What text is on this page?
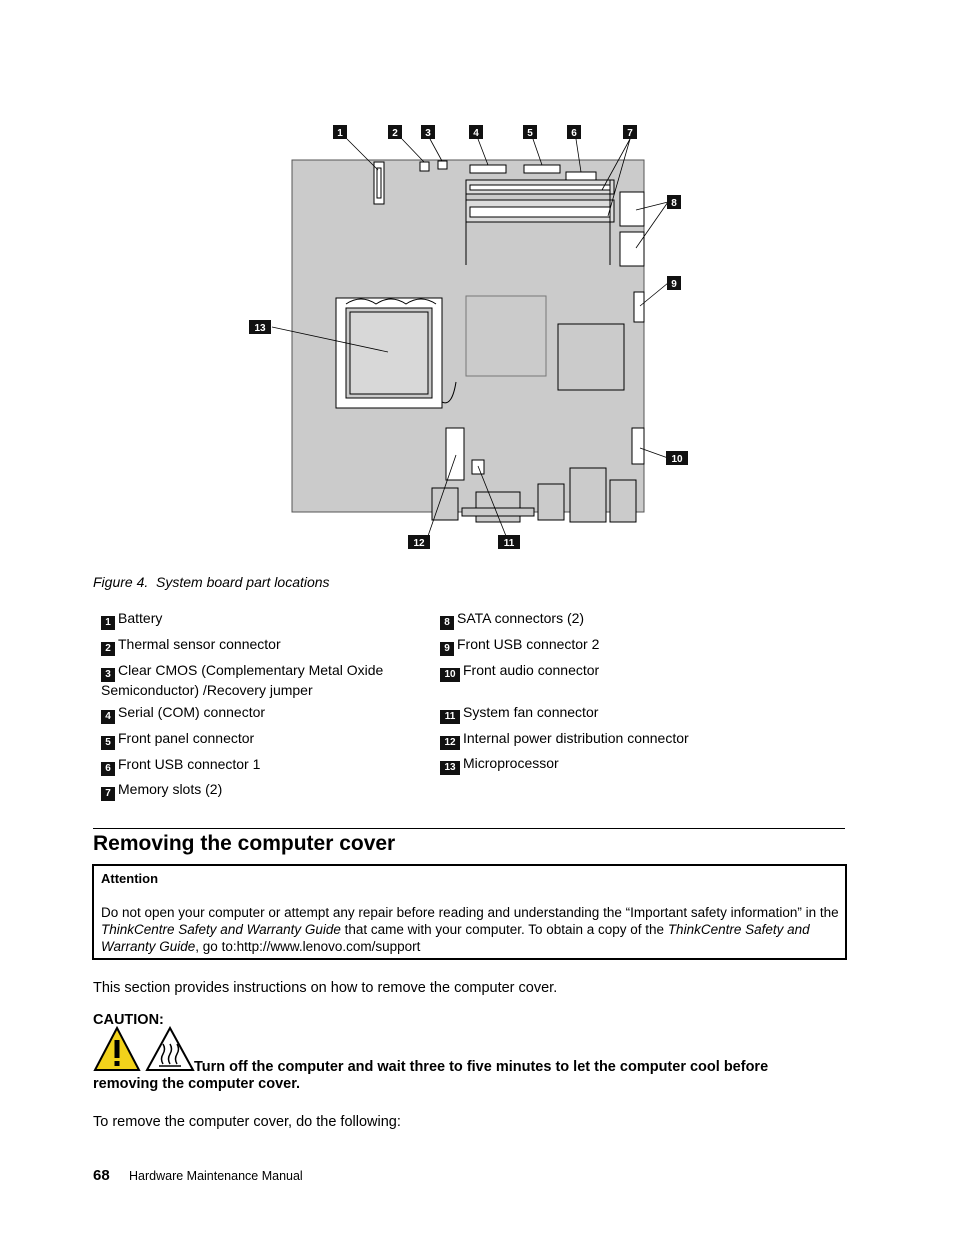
1	2	3	4	5	6	7
8
9
10
11
12
13
Figure 4. System board part locations
1 Battery
2 Thermal sensor connector
3 Clear CMOS (Complementary Metal Oxide Semiconductor) /Recovery jumper
4 Serial (COM) connector
5 Front panel connector
6 Front USB connector 1
7 Memory slots (2)
8 SATA connectors (2)
9 Front USB connector 2
10 Front audio connector
11 System fan connector
12 Internal power distribution connector
13 Microprocessor
Removing the computer cover
Attention
Do not open your computer or attempt any repair before reading and understanding the “Important safety information” in the ThinkCentre Safety and Warranty Guide that came with your computer. To obtain a copy of the ThinkCentre Safety and Warranty Guide, go to:http://www.lenovo.com/support
This section provides instructions on how to remove the computer cover.
CAUTION:
Turn off the computer and wait three to five minutes to let the computer cool before removing the computer cover.
To remove the computer cover, do the following:
68 Hardware Maintenance Manual
